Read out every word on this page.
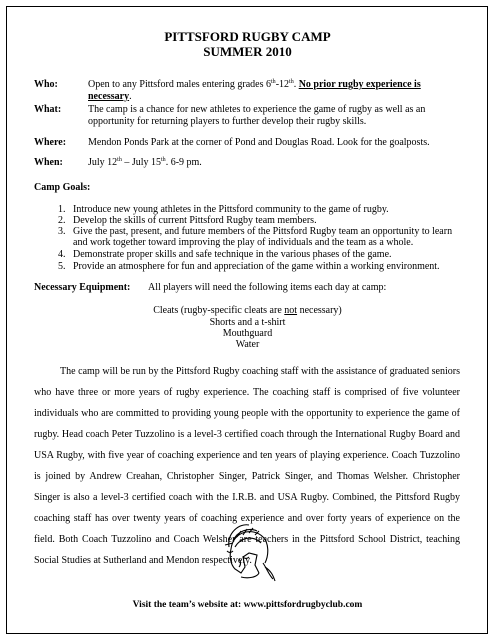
PITTSFORD RUGBY CAMP
SUMMER 2010
Who:	Open to any Pittsford males entering grades 6th-12th. No prior rugby experience is necessary.
What:	The camp is a chance for new athletes to experience the game of rugby as well as an opportunity for returning players to further develop their rugby skills.
Where: Mendon Ponds Park at the corner of Pond and Douglas Road. Look for the goalposts.
When:	July 12th – July 15th. 6-9 pm.
Camp Goals:
1. Introduce new young athletes in the Pittsford community to the game of rugby.
2. Develop the skills of current Pittsford Rugby team members.
3. Give the past, present, and future members of the Pittsford Rugby team an opportunity to learn and work together toward improving the play of individuals and the team as a whole.
4. Demonstrate proper skills and safe technique in the various phases of the game.
5. Provide an atmosphere for fun and appreciation of the game within a working environment.
Necessary Equipment: All players will need the following items each day at camp:
Cleats (rugby-specific cleats are not necessary)
Shorts and a t-shirt
Mouthguard
Water
The camp will be run by the Pittsford Rugby coaching staff with the assistance of graduated seniors who have three or more years of rugby experience. The coaching staff is comprised of five volunteer individuals who are committed to providing young people with the opportunity to experience the game of rugby. Head coach Peter Tuzzolino is a level-3 certified coach through the International Rugby Board and USA Rugby, with five year of coaching experience and ten years of playing experience. Coach Tuzzolino is joined by Andrew Creahan, Christopher Singer, Patrick Singer, and Thomas Welsher. Christopher Singer is also a level-3 certified coach with the I.R.B. and USA Rugby. Combined, the Pittsford Rugby coaching staff has over twenty years of coaching experience and over forty years of experience on the field. Both Coach Tuzzolino and Coach Welsher are teachers in the Pittsford School District, teaching Social Studies at Sutherland and Mendon respectively.
Visit the team’s website at: www.pittsfordrugbyclub.com
